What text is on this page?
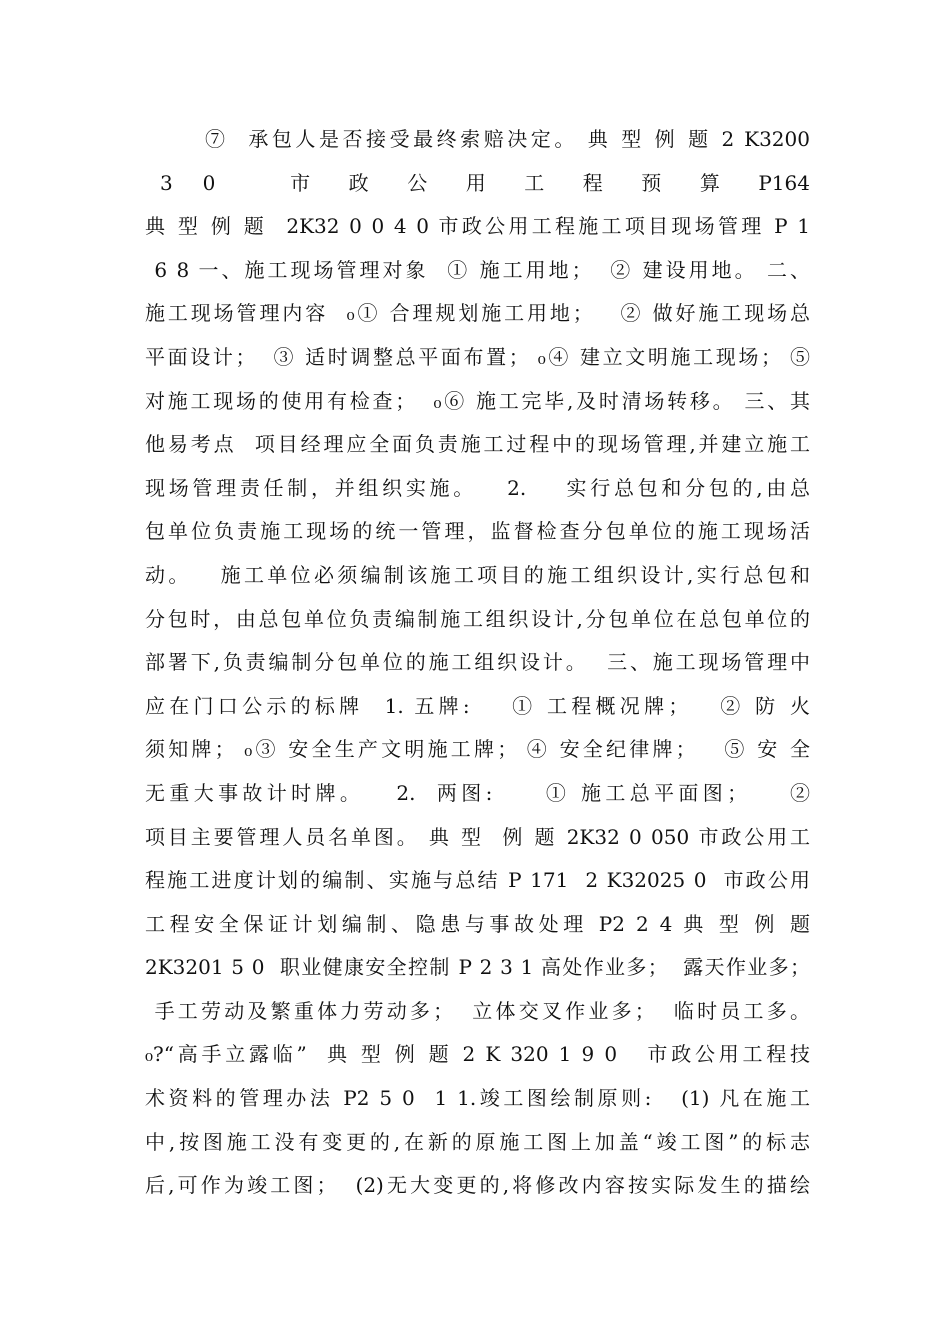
⑦  承包人是否接受最终索赔决定。 典 型 例 题 2 K3200
3  0     市  政  公  用  工  程  预  算  P164
典 型 例 题  2K32 0 0 4 0 市政公用工程施工项目现场管理 P 1
6 8 一、施工现场管理对象  ① 施工用地；  ② 建设用地。 二、
施工现场管理内容  ₀① 合理规划施工用地；   ② 做好施工现场总
平面设计；  ③ 适时调整总平面布置； ₀④ 建立文明施工现场； ⑤
对施工现场的使用有检查；  ₀⑥ 施工完毕,及时清场转移。 三、其
他易考点  项目经理应全面负责施工过程中的现场管理,并建立施工
现场管理责任制，并组织实施。   2.    实行总包和分包的,由总
包单位负责施工现场的统一管理，监督检查分包单位的施工现场活
动。   施工单位必须编制该施工项目的施工组织设计,实行总包和
分包时，由总包单位负责编制施工组织设计,分包单位在总包单位的
部署下,负责编制分包单位的施工组织设计。  三、施工现场管理中
应在门口公示的标牌  1. 五牌:    ① 工程概况牌；   ② 防 火
须知牌； ₀③ 安全生产文明施工牌； ④ 安全纪律牌；   ⑤ 安 全
无重大事故计时牌。   2.  两图:     ① 施工总平面图；    ②
项目主要管理人员名单图。 典 型  例 题 2K32 0 050 市政公用工
程施工进度计划的编制、实施与总结 P 171  2 K32025 0  市政公用
工程安全保证计划编制、隐患与事故处理 P2 2 4 典 型 例 题
2K3201 5 0  职业健康安全控制 P 2 3 1 高处作业多；  露天作业多；
手工劳动及繁重体力劳动多；  立体交叉作业多；  临时员工多。
₀?“高手立露临”  典 型 例 题 2 K 320 1 9 0   市政公用工程技
术资料的管理办法 P2 5 0  1 1.竣工图绘制原则:   (1) 凡在施工
中,按图施工没有变更的,在新的原施工图上加盖“竣工图”的标志
后,可作为竣工图；  (2)无大变更的,将修改内容按实际发生的描绘
